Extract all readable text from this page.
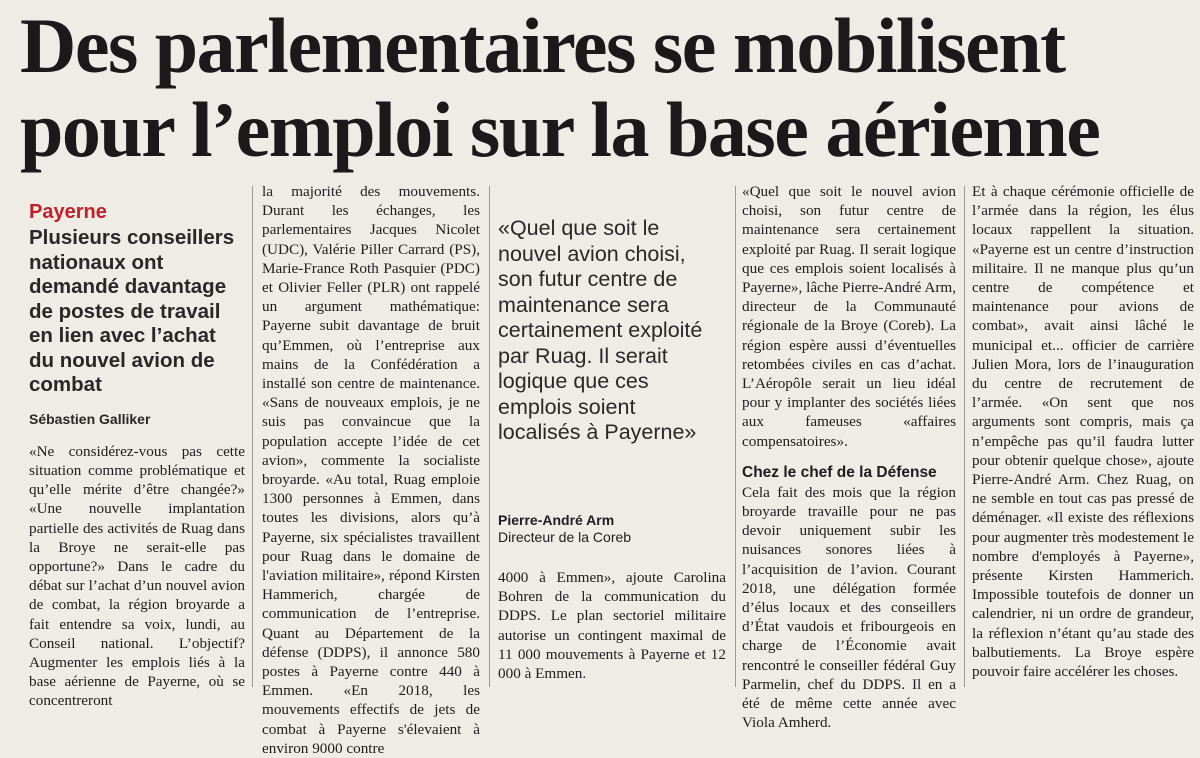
Des parlementaires se mobilisent
pour l’emploi sur la base aérienne
Payerne
Plusieurs conseillers nationaux ont demandé davantage de postes de travail en lien avec l’achat du nouvel avion de combat
Sébastien Galliker

«Ne considérez-vous pas cette situation comme problématique et qu’elle mérite d’être changée?» «Une nouvelle implantation partielle des activités de Ruag dans la Broye ne serait-elle pas opportune?» Dans le cadre du débat sur l’achat d’un nouvel avion de combat, la région broyarde a fait entendre sa voix, lundi, au Conseil national. L’objectif? Augmenter les emplois liés à la base aérienne de Payerne, où se concentreront

la majorité des mouvements. Durant les échanges, les parlementaires Jacques Nicolet (UDC), Valérie Piller Carrard (PS), Marie-France Roth Pasquier (PDC) et Olivier Feller (PLR) ont rappelé un argument mathématique: Payerne subit davantage de bruit qu’Emmen, où l’entreprise aux mains de la Confédération a installé son centre de maintenance. «Sans de nouveaux emplois, je ne suis pas convaincue que la population accepte l’idée de cet avion», commente la socialiste broyarde. «Au total, Ruag emploie 1300 personnes à Emmen, dans toutes les divisions, alors qu’à Payerne, six spécialistes travaillent pour Ruag dans le domaine de l'aviation militaire», répond Kirsten Hammerich, chargée de communication de l’entreprise. Quant au Département de la défense (DDPS), il annonce 580 postes à Payerne contre 440 à Emmen. «En 2018, les mouvements effectifs de jets de combat à Payerne s'élevaient à environ 9000 contre

«Quel que soit le nouvel avion choisi, son futur centre de maintenance sera certainement exploité par Ruag. Il serait logique que ces emplois soient localisés à Payerne»
Pierre-André Arm
Directeur de la Coreb

4000 à Emmen», ajoute Carolina Bohren de la communication du DDPS. Le plan sectoriel militaire autorise un contingent maximal de 11 000 mouvements à Payerne et 12 000 à Emmen.

«Quel que soit le nouvel avion choisi, son futur centre de maintenance sera certainement exploité par Ruag. Il serait logique que ces emplois soient localisés à Payerne», lâche Pierre-André Arm, directeur de la Communauté régionale de la Broye (Coreb). La région espère aussi d’éventuelles retombées civiles en cas d’achat. L’Aéropôle serait un lieu idéal pour y implanter des sociétés liées aux fameuses «affaires compensatoires».

Chez le chef de la Défense

Cela fait des mois que la région broyarde travaille pour ne pas devoir uniquement subir les nuisances sonores liées à l’acquisition de l’avion. Courant 2018, une délégation formée d’élus locaux et des conseillers d’État vaudois et fribourgeois en charge de l’Économie avait rencontré le conseiller fédéral Guy Parmelin, chef du DDPS. Il en a été de même cette année avec Viola Amherd.

Et à chaque cérémonie officielle de l’armée dans la région, les élus locaux rappellent la situation. «Payerne est un centre d’instruction militaire. Il ne manque plus qu’un centre de compétence et maintenance pour avions de combat», avait ainsi lâché le municipal et... officier de carrière Julien Mora, lors de l’inauguration du centre de recrutement de l’armée. «On sent que nos arguments sont compris, mais ça n’empêche pas qu’il faudra lutter pour obtenir quelque chose», ajoute Pierre-André Arm. Chez Ruag, on ne semble en tout cas pas pressé de déménager. «Il existe des réflexions pour augmenter très modestement le nombre d'employés à Payerne», présente Kirsten Hammerich. Impossible toutefois de donner un calendrier, ni un ordre de grandeur, la réflexion n’étant qu’au stade des balbutiements. La Broye espère pouvoir faire accélérer les choses.
